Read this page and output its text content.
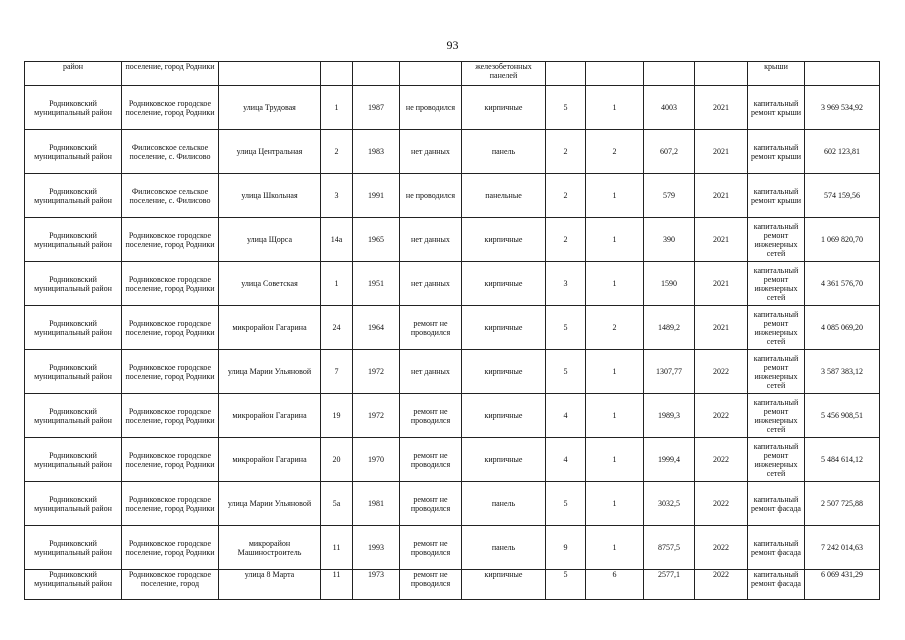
93
район	поселение, город Родники					железобетонных панелей					крыши	
Родниковский муниципальный район	Родниковское городское поселение, город Родники	улица Трудовая	1	1987	не проводился	кирпичные	5	1	4003	2021	капитальный ремонт крыши	3 969 534,92
Родниковский муниципальный район	Филисовское сельское поселение, с. Филисово	улица Центральная	2	1983	нет данных	панель	2	2	607,2	2021	капитальный ремонт крыши	602 123,81
Родниковский муниципальный район	Филисовское сельское поселение, с. Филисово	улица Школьная	3	1991	не проводился	панельные	2	1	579	2021	капитальный ремонт крыши	574 159,56
Родниковский муниципальный район	Родниковское городское поселение, город Родники	улица Щорса	14а	1965	нет данных	кирпичные	2	1	390	2021	капитальный ремонт инженерных сетей	1 069 820,70
Родниковский муниципальный район	Родниковское городское поселение, город Родники	улица Советская	1	1951	нет данных	кирпичные	3	1	1590	2021	капитальный ремонт инженерных сетей	4 361 576,70
Родниковский муниципальный район	Родниковское городское поселение, город Родники	микрорайон Гагарина	24	1964	ремонт не проводился	кирпичные	5	2	1489,2	2021	капитальный ремонт инженерных сетей	4 085 069,20
Родниковский муниципальный район	Родниковское городское поселение, город Родники	улица Марии Ульяновой	7	1972	нет данных	кирпичные	5	1	1307,77	2022	капитальный ремонт инженерных сетей	3 587 383,12
Родниковский муниципальный район	Родниковское городское поселение, город Родники	микрорайон Гагарина	19	1972	ремонт не проводился	кирпичные	4	1	1989,3	2022	капитальный ремонт инженерных сетей	5 456 908,51
Родниковский муниципальный район	Родниковское городское поселение, город Родники	микрорайон Гагарина	20	1970	ремонт не проводился	кирпичные	4	1	1999,4	2022	капитальный ремонт инженерных сетей	5 484 614,12
Родниковский муниципальный район	Родниковское городское поселение, город Родники	улица Марии Ульяновой	5а	1981	ремонт не проводился	панель	5	1	3032,5	2022	капитальный ремонт фасада	2 507 725,88
Родниковский муниципальный район	Родниковское городское поселение, город Родники	микрорайон Машиностроитель	11	1993	ремонт не проводился	панель	9	1	8757,5	2022	капитальный ремонт фасада	7 242 014,63
Родниковский муниципальный район	Родниковское городское поселение, город	улица 8 Марта	11	1973	ремонт не проводился	кирпичные	5	6	2577,1	2022	капитальный ремонт фасада	6 069 431,29
